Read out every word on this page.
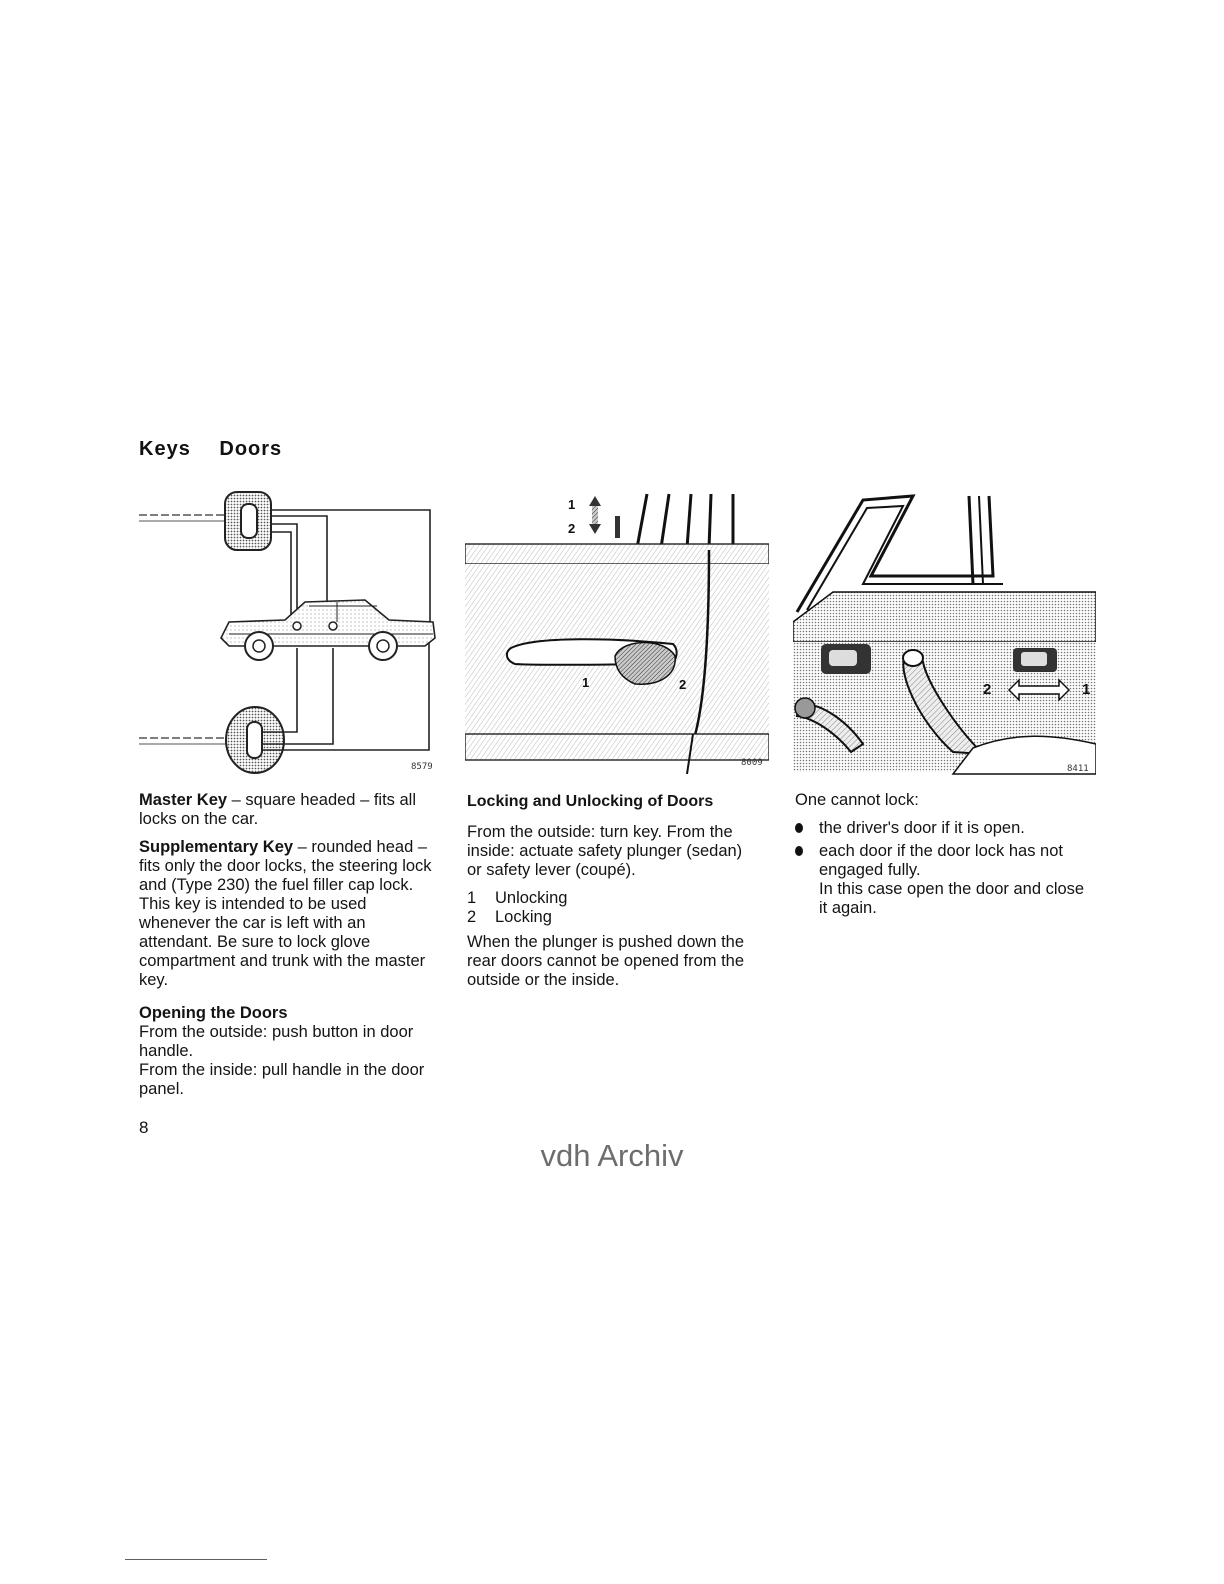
Keys Doors
8579
1
2
1	2
8009
2	1
8411

Master Key – square headed – fits all locks on the car.

Supplementary Key – rounded head – fits only the door locks, the steering lock and (Type 230) the fuel filler cap lock. This key is intended to be used whenever the car is left with an attendant. Be sure to lock glove compartment and trunk with the master key.

Opening the Doors
From the outside: push button in door handle.
From the inside: pull handle in the door panel.
Locking and Unlocking of Doors

From the outside: turn key. From the inside: actuate safety plunger (sedan) or safety lever (coupé).

1	Unlocking
2	Locking

When the plunger is pushed down the rear doors cannot be opened from the outside or the inside.

One cannot lock:

the driver's door if it is open.
each door if the door lock has not engaged fully.
In this case open the door and close it again.
8
vdh Archiv
